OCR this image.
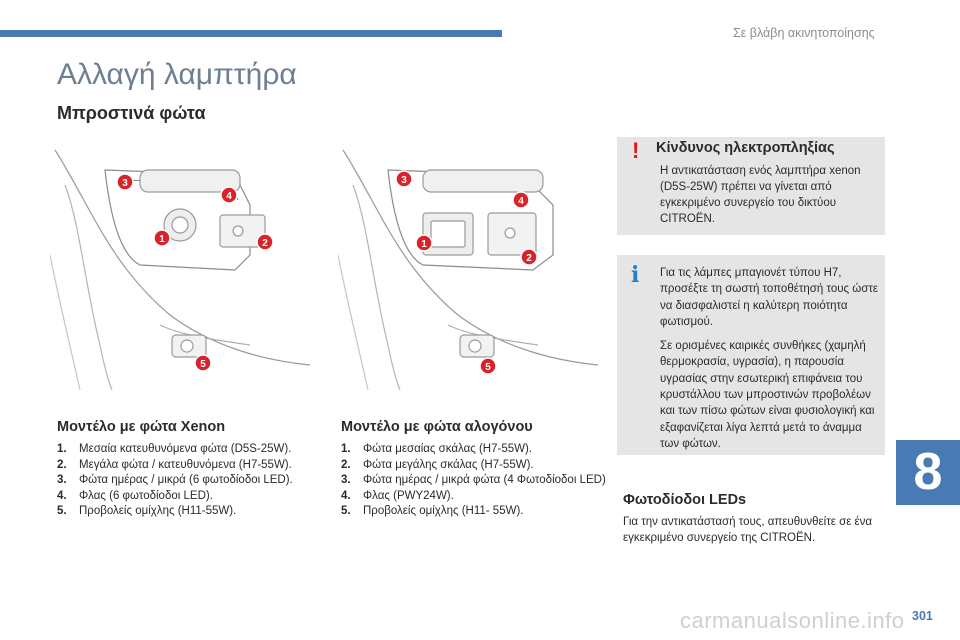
Σε βλάβη ακινητοποίησης
Αλλαγή λαμπτήρα
Μπροστινά φώτα
3
4
1	2
5
3
4
1
2
5
Μοντέλο με φώτα Xenon
1.	Μεσαία κατευθυνόμενα φώτα (D5S-25W).
2.	Μεγάλα φώτα / κατευθυνόμενα (H7-55W).
3.	Φώτα ημέρας / μικρά (6 φωτοδίοδοι LED).
4.	Φλας (6 φωτοδίοδοι LED).
5.	Προβολείς ομίχλης (H11-55W).
Μοντέλο με φώτα αλογόνου
1.	Φώτα μεσαίας σκάλας (H7-55W).
2.	Φώτα μεγάλης σκάλας (H7-55W).
3.	Φώτα ημέρας / μικρά φώτα (4 Φωτοδίοδοι LED)
4.	Φλας (PWY24W).
5.	Προβολείς ομίχλης (H11- 55W).
! Κίνδυνος ηλεκτροπληξίας

Η αντικατάσταση ενός λαμπτήρα xenon (D5S-25W) πρέπει να γίνεται από εγκεκριμένο συνεργείο του δικτύου CITROËN.

i Για τις λάμπες μπαγιονέτ τύπου H7, προσέξτε τη σωστή τοποθέτησή τους ώστε να διασφαλιστεί η καλύτερη ποιότητα φωτισμού.

Σε ορισμένες καιρικές συνθήκες (χαμηλή θερμοκρασία, υγρασία), η παρουσία υγρασίας στην εσωτερική επιφάνεια του κρυστάλλου των μπροστινών προβολέων και των πίσω φώτων είναι φυσιολογική και εξαφανίζεται λίγα λεπτά μετά το άναμμα των φώτων.

Φωτοδίοδοι LEDs

Για την αντικατάστασή τους, απευθυνθείτε σε ένα εγκεκριμένο συνεργείο της CITROËN.

8
carmanualsonline.info 301
